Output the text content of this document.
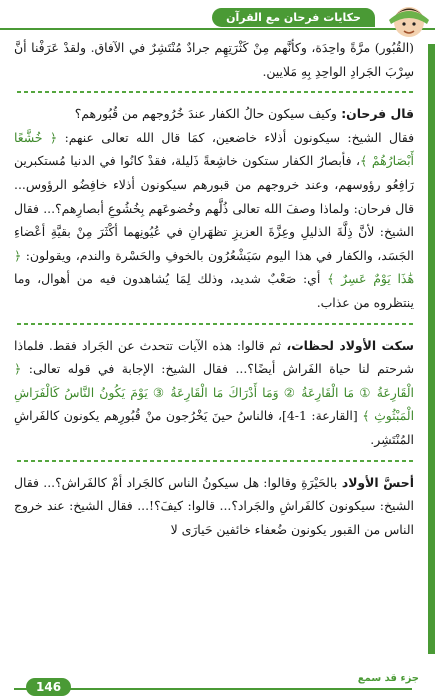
حكايات فرحان مع القرآن

(القُبُور) مرَّةً واحِدَة، وكأنَّهم مِنْ كَثْرَتِهِم جرادٌ مُنْتَشِرٌ في الآفاق. ولقدْ عَرَفْنا أنَّ سِرْبَ الجَرادِ الواحِدِ بِهِ مَلايين.

قال فرحان: وكيف سيكون حالُ الكفار عندَ خُرُوجهم من قُبُورهم؟

فقال الشيخ: سيكونون أذلاء خاضعين، كمَا قال الله تعالى عنهم: ﴿ خُشَّعًا أَبْصَارُهُمْ ﴾، فأبصارُ الكفار ستكون خاشِعةً ذَليلة، فقدْ كانُوا في الدنيا مُستكبرين رَافِعُو رؤوسهم، وعند خروجهم من قبورهم سيكونون أذلاء خافِضُو الرؤوس... قال فرحان: ولماذا وصفَ الله تعالى ذُلَّهم وخُضوعَهم بِخُشُوعِ أبصارِهم؟... فقال الشيخ: لأنَّ ذِلَّةَ الذليلِ وعِزَّةَ العزيزِ تظهَرانِ في عُيُونِهما أكْثَرَ مِنْ بقيَّةِ أعْضاءِ الجَسَد، والكفار في هذا اليوم سَيَشْعُرُون بالخوفِ والحَسْرة والندم، ويقولون: ﴿ هَٰذَا يَوْمٌ عَسِرٌ ﴾ أي: صَعْبٌ شديد، وذلك لِمَا يُشاهدون فيه من أهوال، وما ينتظروه من عذاب.

سكت الأولاد لحظات، ثم قالوا: هذه الآيات تتحدث عن الجَراد فقط. فلماذا شرحتم لنا حياة الفَراش أيضًا؟... فقال الشيخ: الإجابة في قوله تعالى: ﴿ الْقَارِعَةُ ① مَا الْقَارِعَةُ ② وَمَا أَدْرَاكَ مَا الْقَارِعَةُ ③ يَوْمَ يَكُونُ النَّاسُ كَالْفَرَاشِ الْمَبْثُوثِ ﴾ [القارعة: 1-4]، فالناسُ حينَ يَخْرُجون منْ قُبُورِهم يكونون كالفَراشِ المُنْتَشِر.

أحسَّ الأولاد بالحَيْرَةِ وقالوا: هل سيكونُ الناس كالجَراد أمْ كالفَراش؟... فقال الشيخ: سيكونون كالفَراشِ والجَراد؟... قالوا: كيفَ؟!... فقال الشيخ: عند خروج الناس من القبور يكونون ضُعفاء خائفين حَيارَى لا

146
جزء قد سمع
